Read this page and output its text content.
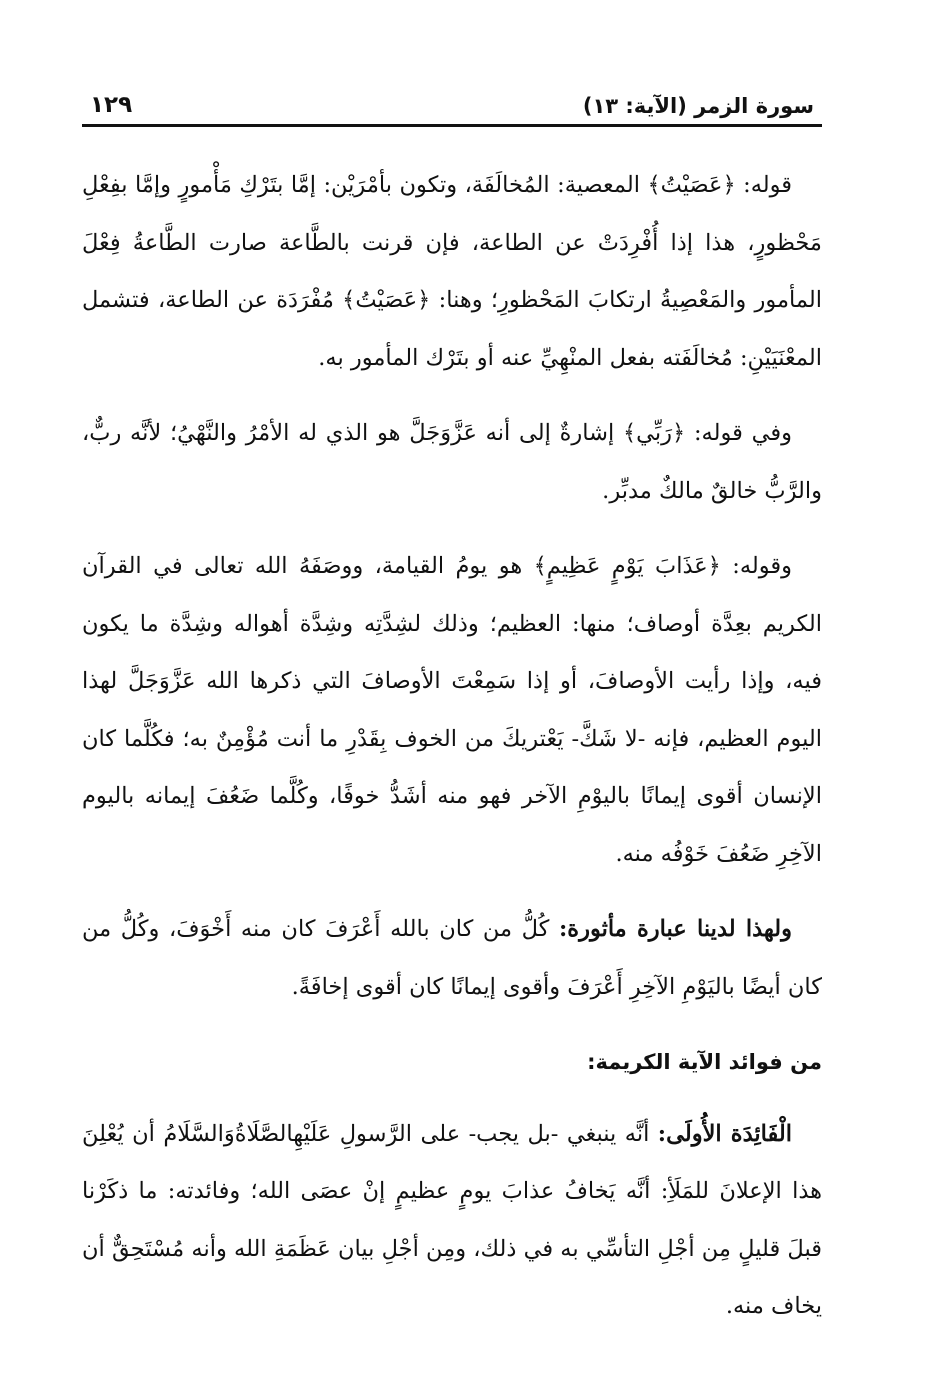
سورة الزمر (الآية: ١٣)
١٢٩

قوله: ﴿عَصَيْتُ﴾ المعصية: المُخالَفَة، وتكون بأمْرَيْن: إمَّا بتَرْكِ مَأْمورٍ وإمَّا بفِعْلِ مَحْظورٍ، هذا إذا أُفْرِدَتْ عن الطاعة، فإن قرنت بالطَّاعة صارت الطَّاعةُ فِعْلَ المأمور والمَعْصِيةُ ارتكابَ المَحْظورِ؛ وهنا: ﴿عَصَيْتُ﴾ مُفْرَدَة عن الطاعة، فتشمل المعْنَيَيْنِ: مُخالَفَته بفعل المنْهِيِّ عنه أو بتَرْك المأمور به.

وفي قوله: ﴿رَبِّي﴾ إشارةٌ إلى أنه عَزَّوَجَلَّ هو الذي له الأمْرُ والنَّهْيُ؛ لأنَّه ربٌّ، والرَّبُّ خالقٌ مالكٌ مدبِّر.

وقوله: ﴿عَذَابَ يَوْمٍ عَظِيمٍ﴾ هو يومُ القيامة، ووصَفَهُ الله تعالى في القرآن الكريم بعِدَّة أوصاف؛ منها: العظيم؛ وذلك لشِدَّتِه وشِدَّة أهواله وشِدَّة ما يكون فيه، وإذا رأيت الأوصافَ، أو إذا سَمِعْتَ الأوصافَ التي ذكرها الله عَزَّوَجَلَّ لهذا اليوم العظيم، فإنه -لا شَكَّ- يَعْتريكَ من الخوف بِقَدْرِ ما أنت مُؤْمِنٌ به؛ فكُلَّما كان الإنسان أقوى إيمانًا باليوْمِ الآخر فهو منه أشَدُّ خوفًا، وكُلَّما ضَعُفَ إيمانه باليوم الآخِرِ ضَعُفَ خَوْفُه منه.

ولهذا لدينا عبارة مأثورة: كُلُّ من كان بالله أَعْرَفَ كان منه أَخْوَفَ، وكُلُّ من كان أيضًا باليَوْمِ الآخِرِ أَعْرَفَ وأقوى إيمانًا كان أقوى إخافَةً.

من فوائد الآية الكريمة:

الْفَائِدَة الأُولَى: أنَّه ينبغي -بل يجب- على الرَّسولِ عَلَيْهِالصَّلَاةُوَالسَّلَامُ أن يُعْلِنَ هذا الإعلانَ للمَلَأِ: أنَّه يَخافُ عذابَ يومٍ عظيمٍ إنْ عصَى الله؛ وفائدته: ما ذكَرْنا قبلَ قليلٍ مِن أجْلِ التأسِّي به في ذلك، ومِن أجْلِ بيان عَظَمَةِ الله وأنه مُسْتَحِقٌّ أن يخاف منه.
